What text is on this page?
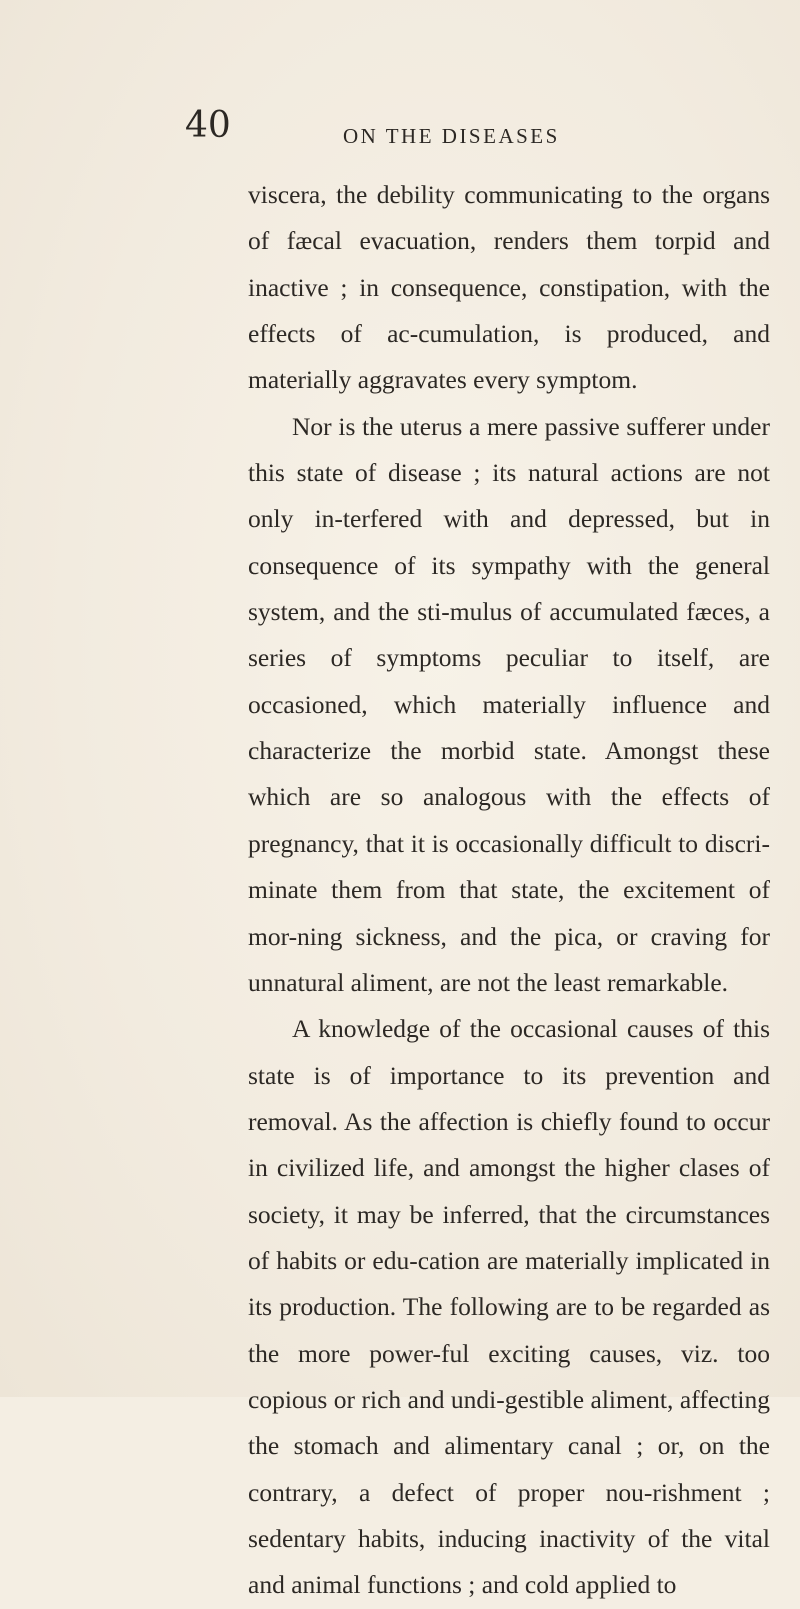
40	ON THE DISEASES

viscera, the debility communicating to the organs of fæcal evacuation, renders them torpid and inactive ; in consequence, constipation, with the effects of ac-cumulation, is produced, and materially aggravates every symptom.

Nor is the uterus a mere passive sufferer under this state of disease ; its natural actions are not only in-terfered with and depressed, but in consequence of its sympathy with the general system, and the sti-mulus of accumulated fæces, a series of symptoms peculiar to itself, are occasioned, which materially influence and characterize the morbid state. Amongst these which are so analogous with the effects of pregnancy, that it is occasionally difficult to discri-minate them from that state, the excitement of mor-ning sickness, and the pica, or craving for unnatural aliment, are not the least remarkable.

A knowledge of the occasional causes of this state is of importance to its prevention and removal. As the affection is chiefly found to occur in civilized life, and amongst the higher clases of society, it may be inferred, that the circumstances of habits or edu-cation are materially implicated in its production. The following are to be regarded as the more power-ful exciting causes, viz. too copious or rich and undi-gestible aliment, affecting the stomach and alimentary canal ; or, on the contrary, a defect of proper nou-rishment ; sedentary habits, inducing inactivity of the vital and animal functions ; and cold applied to
